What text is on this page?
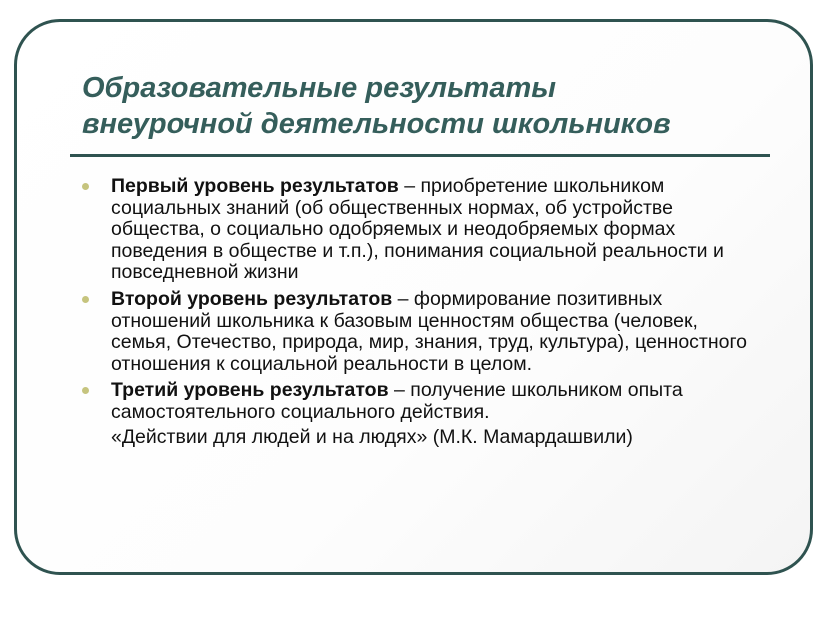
Образовательные результаты
внеурочной деятельности школьников
Первый уровень результатов – приобретение школьником социальных знаний (об общественных нормах, об устройстве общества, о социально одобряемых и неодобряемых формах поведения в обществе и т.п.), понимания социальной реальности и повседневной жизни
Второй уровень результатов – формирование позитивных отношений школьника к базовым ценностям общества (человек, семья, Отечество, природа, мир, знания, труд, культура), ценностного отношения к социальной реальности в целом.
Третий уровень результатов – получение школьником опыта самостоятельного социального действия.
«Действии для людей и на людях» (М.К. Мамардашвили)
